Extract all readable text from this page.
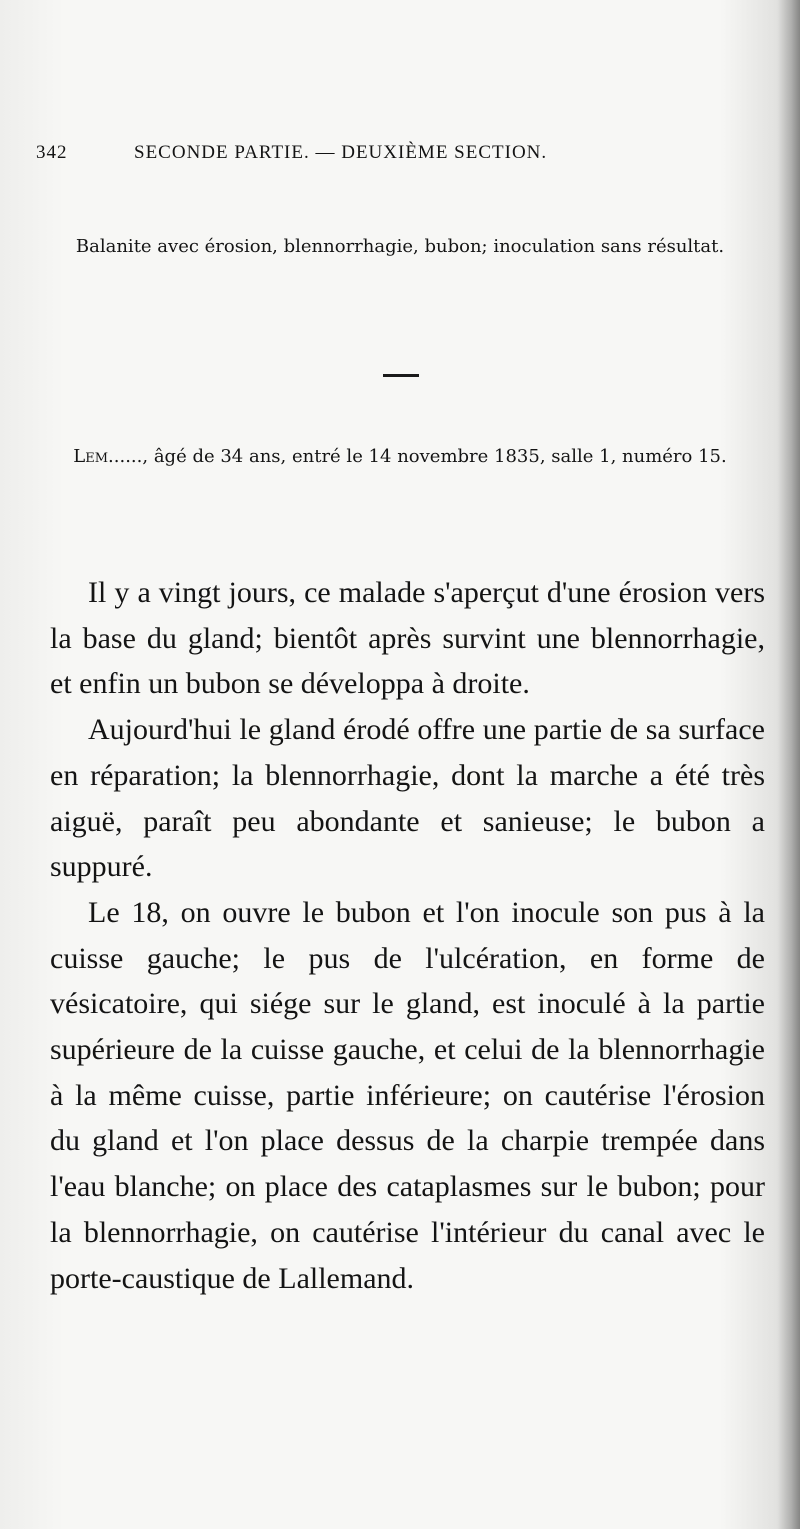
342	SECONDE PARTIE. — DEUXIÈME SECTION.
Balanite avec érosion, blennorrhagie, bubon; inoculation sans résultat.
Lem......, âgé de 34 ans, entré le 14 novembre 1835, salle 1, numéro 15.

Il y a vingt jours, ce malade s'aperçut d'une érosion vers la base du gland; bientôt après survint une blennorrhagie, et enfin un bubon se développa à droite.

Aujourd'hui le gland érodé offre une partie de sa surface en réparation; la blennorrhagie, dont la marche a été très aiguë, paraît peu abondante et sanieuse; le bubon a suppuré.

Le 18, on ouvre le bubon et l'on inocule son pus à la cuisse gauche; le pus de l'ulcération, en forme de vésicatoire, qui siége sur le gland, est inoculé à la partie supérieure de la cuisse gauche, et celui de la blennorrhagie à la même cuisse, partie inférieure; on cautérise l'érosion du gland et l'on place dessus de la charpie trempée dans l'eau blanche; on place des cataplasmes sur le bubon; pour la blennorrhagie, on cautérise l'intérieur du canal avec le porte-caustique de Lallemand.
